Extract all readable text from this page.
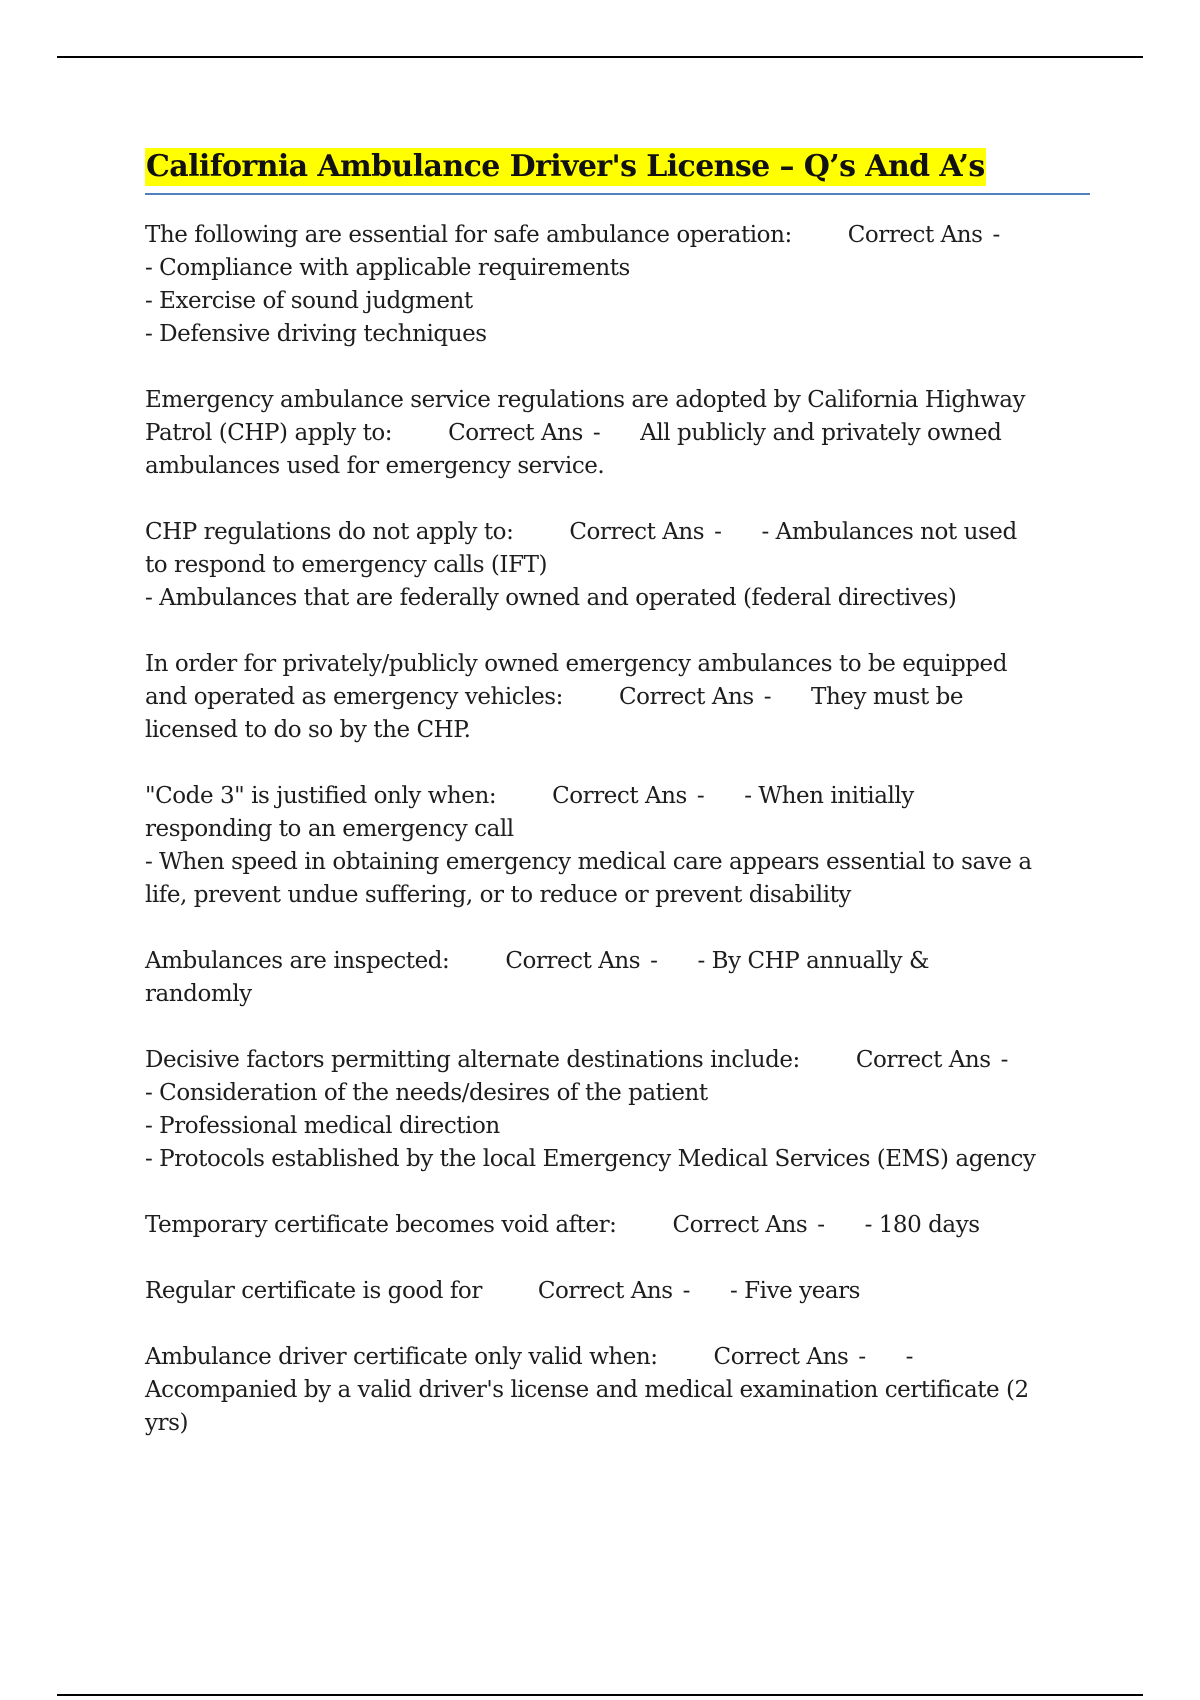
California Ambulance Driver's License – Q’s And A’s
The following are essential for safe ambulance operation: Correct Ans -
- Compliance with applicable requirements
- Exercise of sound judgment
- Defensive driving techniques
Emergency ambulance service regulations are adopted by California Highway
Patrol (CHP) apply to: Correct Ans - All publicly and privately owned
ambulances used for emergency service.
CHP regulations do not apply to: Correct Ans - - Ambulances not used
to respond to emergency calls (IFT)
- Ambulances that are federally owned and operated (federal directives)
In order for privately/publicly owned emergency ambulances to be equipped
and operated as emergency vehicles: Correct Ans - They must be
licensed to do so by the CHP.
"Code 3" is justified only when: Correct Ans - - When initially
responding to an emergency call
- When speed in obtaining emergency medical care appears essential to save a
life, prevent undue suffering, or to reduce or prevent disability
Ambulances are inspected: Correct Ans - - By CHP annually &
randomly
Decisive factors permitting alternate destinations include: Correct Ans -
- Consideration of the needs/desires of the patient
- Professional medical direction
- Protocols established by the local Emergency Medical Services (EMS) agency
Temporary certificate becomes void after: Correct Ans - - 180 days
Regular certificate is good for Correct Ans - - Five years
Ambulance driver certificate only valid when: Correct Ans - -
Accompanied by a valid driver's license and medical examination certificate (2
yrs)
